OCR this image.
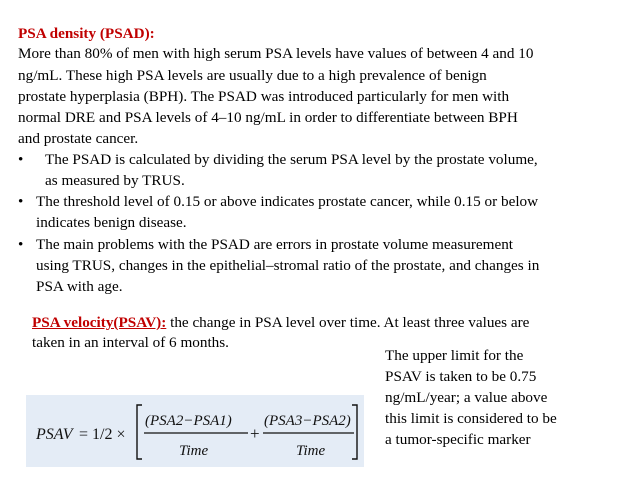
PSA density (PSAD):
More than 80% of men with high serum PSA levels have values of between 4 and 10
ng/mL. These high PSA levels are usually due to a high prevalence of benign
prostate hyperplasia (BPH). The PSAD was introduced particularly for men with
normal DRE and PSA levels of 4–10 ng/mL in order to differentiate between BPH
and prostate cancer.
• The PSAD is calculated by dividing the serum PSA level by the prostate volume,
as measured by TRUS.
• The threshold level of 0.15 or above indicates prostate cancer, while 0.15 or below
indicates benign disease.
• The main problems with the PSAD are errors in prostate volume measurement
using TRUS, changes in the epithelial–stromal ratio of the prostate, and changes in
PSA with age.
PSA velocity(PSAV): the change in PSA level over time. At least three values are
taken in an interval of 6 months.
The upper limit for the
PSAV is taken to be 0.75
ng/mL/year; a value above
this limit is considered to be
a tumor-specific marker
PSAV = 1/2 ×
(PSA2−PSA1)
Time
(PSA3−PSA2)
Time
+
